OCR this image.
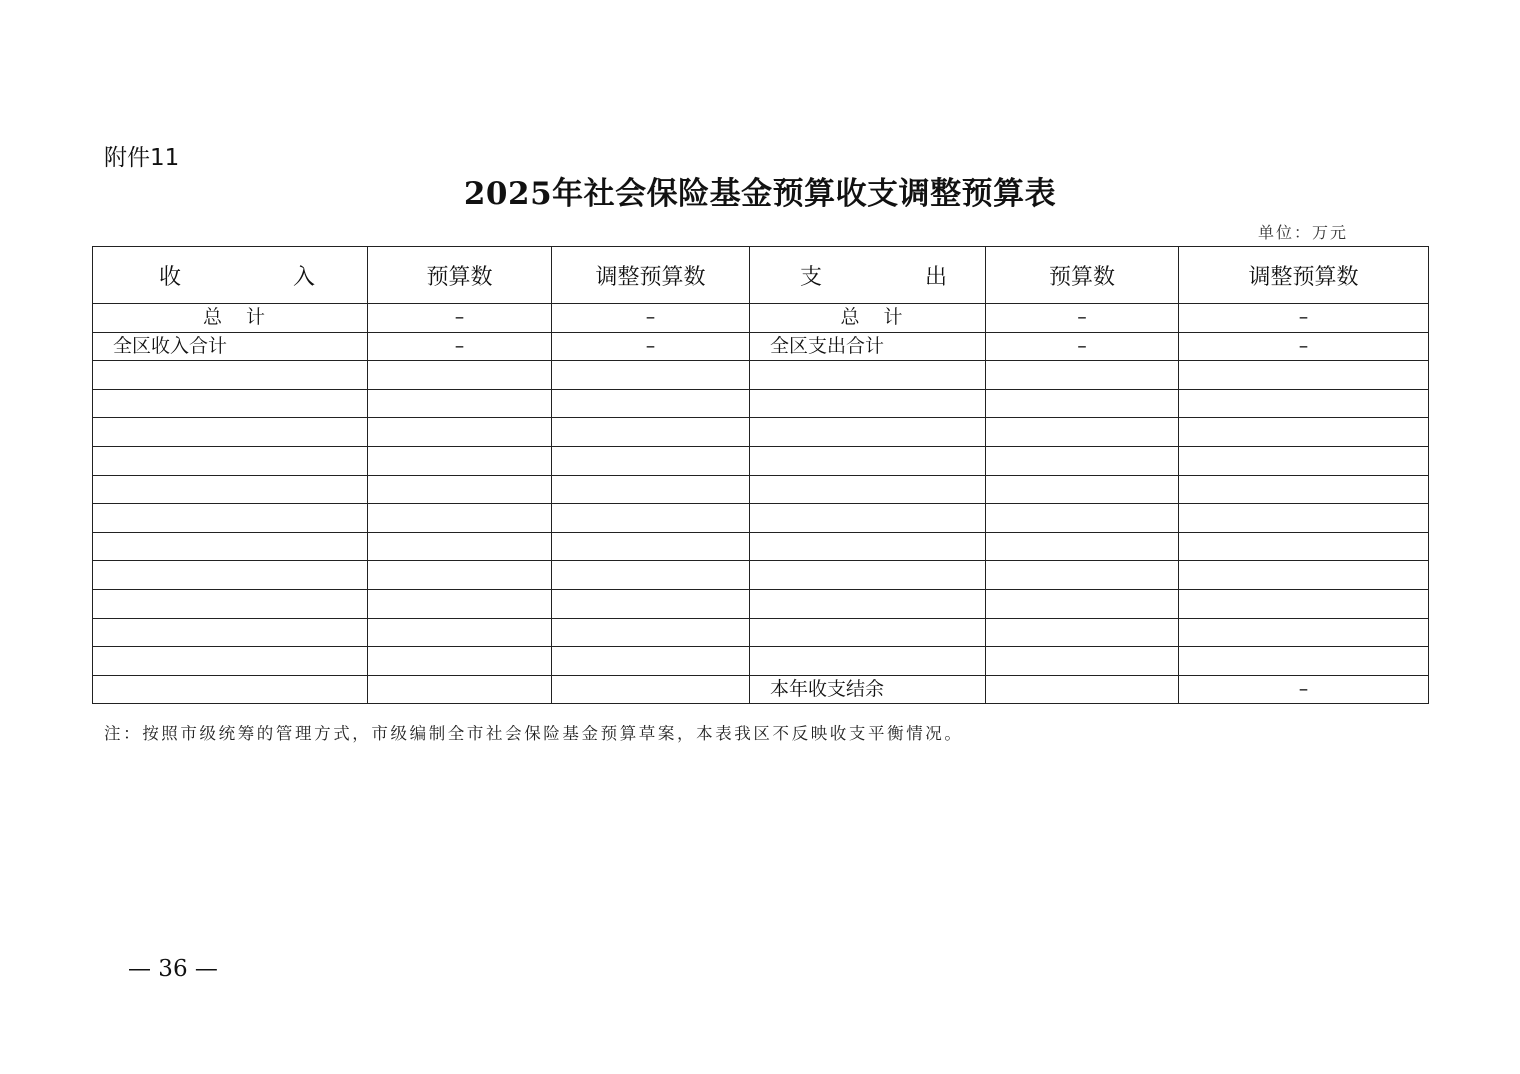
附件11
2025年社会保险基金预算收支调整预算表
单位：万元
收 入	预算数	调整预算数	支 出	预算数	调整预算数

总 计	–	–	总 计	–	–
全区收入合计	–	–	全区支出合计	–	–

			本年收支结余		–
注：按照市级统筹的管理方式，市级编制全市社会保险基金预算草案，本表我区不反映收支平衡情况。
— 36 —
